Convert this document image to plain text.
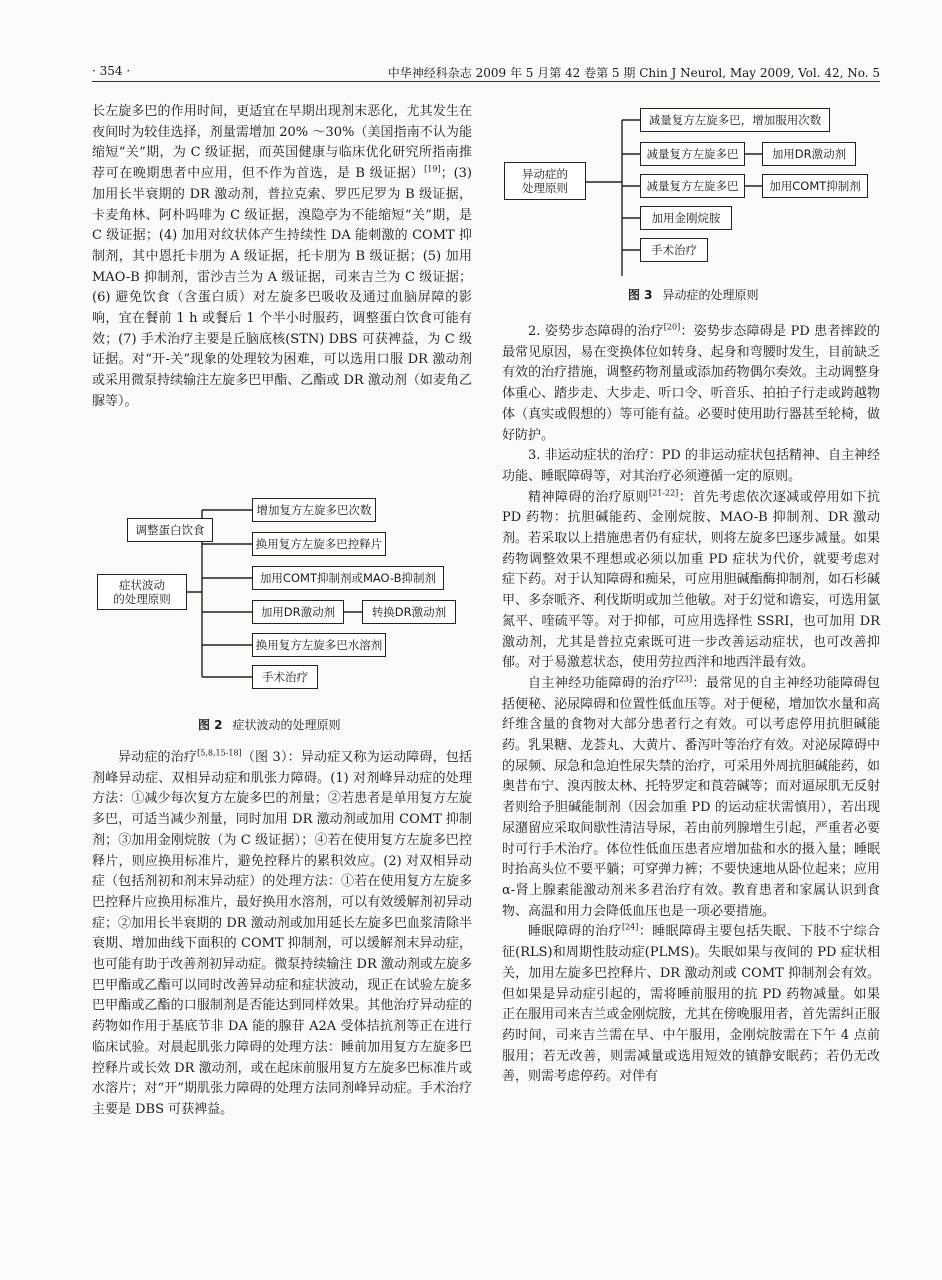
· 354 ·	中华神经科杂志 2009 年 5 月第 42 卷第 5 期 Chin J Neurol, May 2009, Vol. 42, No. 5

长左旋多巴的作用时间，更适宜在早期出现剂末恶化，尤其发生在夜间时为较佳选择，剂量需增加 20% ～30%（美国指南不认为能缩短“关”期，为 C 级证据，而英国健康与临床优化研究所指南推荐可在晚期患者中应用，但不作为首选，是 B 级证据）[19]；(3) 加用长半衰期的 DR 激动剂，普拉克索、罗匹尼罗为 B 级证据，卡麦角林、阿朴吗啡为 C 级证据，溴隐亭为不能缩短“关”期，是 C 级证据；(4) 加用对纹状体产生持续性 DA 能刺激的 COMT 抑制剂，其中恩托卡朋为 A 级证据，托卡朋为 B 级证据；(5) 加用 MAO-B 抑制剂，雷沙吉兰为 A 级证据，司来吉兰为 C 级证据；(6) 避免饮食（含蛋白质）对左旋多巴吸收及通过血脑屏障的影响，宜在餐前 1 h 或餐后 1 个半小时服药，调整蛋白饮食可能有效；(7) 手术治疗主要是丘脑底核(STN) DBS 可获裨益，为 C 级证据。对“开-关”现象的处理较为困难，可以选用口服 DR 激动剂或采用微泵持续输注左旋多巴甲酯、乙酯或 DR 激动剂（如麦角乙脲等）。

调整蛋白饮食
症状波动
的处理原则
增加复方左旋多巴次数
换用复方左旋多巴控释片
加用COMT抑制剂或MAO-B抑制剂
加用DR激动剂	转换DR激动剂
换用复方左旋多巴水溶剂
手术治疗
图 2 症状波动的处理原则

异动症的治疗[5,8,15-18]（图 3）：异动症又称为运动障碍，包括剂峰异动症、双相异动症和肌张力障碍。(1) 对剂峰异动症的处理方法：①减少每次复方左旋多巴的剂量；②若患者是单用复方左旋多巴，可适当减少剂量，同时加用 DR 激动剂或加用 COMT 抑制剂；③加用金刚烷胺（为 C 级证据）；④若在使用复方左旋多巴控释片，则应换用标准片，避免控释片的累积效应。(2) 对双相异动症（包括剂初和剂末异动症）的处理方法：①若在使用复方左旋多巴控释片应换用标准片，最好换用水溶剂，可以有效缓解剂初异动症；②加用长半衰期的 DR 激动剂或加用延长左旋多巴血浆清除半衰期、增加曲线下面积的 COMT 抑制剂，可以缓解剂末异动症，也可能有助于改善剂初异动症。微泵持续输注 DR 激动剂或左旋多巴甲酯或乙酯可以同时改善异动症和症状波动，现正在试验左旋多巴甲酯或乙酯的口服制剂是否能达到同样效果。其他治疗异动症的药物如作用于基底节非 DA 能的腺苷 A2A 受体拮抗剂等正在进行临床试验。对晨起肌张力障碍的处理方法：睡前加用复方左旋多巴控释片或长效 DR 激动剂，或在起床前服用复方左旋多巴标准片或水溶片；对“开”期肌张力障碍的处理方法同剂峰异动症。手术治疗主要是 DBS 可获裨益。

异动症的
处理原则
减量复方左旋多巴，增加服用次数
减量复方左旋多巴	加用DR激动剂
减量复方左旋多巴	加用COMT抑制剂
加用金刚烷胺
手术治疗
图 3 异动症的处理原则

2. 姿势步态障碍的治疗[20]：姿势步态障碍是 PD 患者摔跤的最常见原因，易在变换体位如转身、起身和弯腰时发生，目前缺乏有效的治疗措施，调整药物剂量或添加药物偶尔奏效。主动调整身体重心、踏步走、大步走、听口令、听音乐、拍拍子行走或跨越物体（真实或假想的）等可能有益。必要时使用助行器甚至轮椅，做好防护。

3. 非运动症状的治疗：PD 的非运动症状包括精神、自主神经功能、睡眠障碍等，对其治疗必须遵循一定的原则。

精神障碍的治疗原则[21-22]：首先考虑依次逐减或停用如下抗 PD 药物：抗胆碱能药、金刚烷胺、MAO-B 抑制剂、DR 激动剂。若采取以上措施患者仍有症状，则将左旋多巴逐步减量。如果药物调整效果不理想或必须以加重 PD 症状为代价，就要考虑对症下药。对于认知障碍和痴呆，可应用胆碱酯酶抑制剂，如石杉碱甲、多奈哌齐、利伐斯明或加兰他敏。对于幻觉和谵妄，可选用氯氮平、喹硫平等。对于抑郁，可应用选择性 SSRI，也可加用 DR 激动剂，尤其是普拉克索既可进一步改善运动症状，也可改善抑郁。对于易激惹状态，使用劳拉西泮和地西泮最有效。

自主神经功能障碍的治疗[23]：最常见的自主神经功能障碍包括便秘、泌尿障碍和位置性低血压等。对于便秘，增加饮水量和高纤维含量的食物对大部分患者行之有效。可以考虑停用抗胆碱能药。乳果糖、龙荟丸、大黄片、番泻叶等治疗有效。对泌尿障碍中的尿频、尿急和急迫性尿失禁的治疗，可采用外周抗胆碱能药，如奥昔布宁、溴丙胺太林、托特罗定和莨菪碱等；而对逼尿肌无反射者则给予胆碱能制剂（因会加重 PD 的运动症状需慎用），若出现尿潴留应采取间歇性清洁导尿，若由前列腺增生引起，严重者必要时可行手术治疗。体位性低血压患者应增加盐和水的摄入量；睡眠时抬高头位不要平躺；可穿弹力裤；不要快速地从卧位起来；应用 α-肾上腺素能激动剂米多君治疗有效。教育患者和家属认识到食物、高温和用力会降低血压也是一项必要措施。

睡眠障碍的治疗[24]：睡眠障碍主要包括失眠、下肢不宁综合征(RLS)和周期性肢动症(PLMS)。失眠如果与夜间的 PD 症状相关，加用左旋多巴控释片、DR 激动剂或 COMT 抑制剂会有效。但如果是异动症引起的，需将睡前服用的抗 PD 药物减量。如果正在服用司来吉兰或金刚烷胺，尤其在傍晚服用者，首先需纠正服药时间，司来吉兰需在早、中午服用，金刚烷胺需在下午 4 点前服用；若无改善，则需减量或选用短效的镇静安眠药；若仍无改善，则需考虑停药。对伴有
